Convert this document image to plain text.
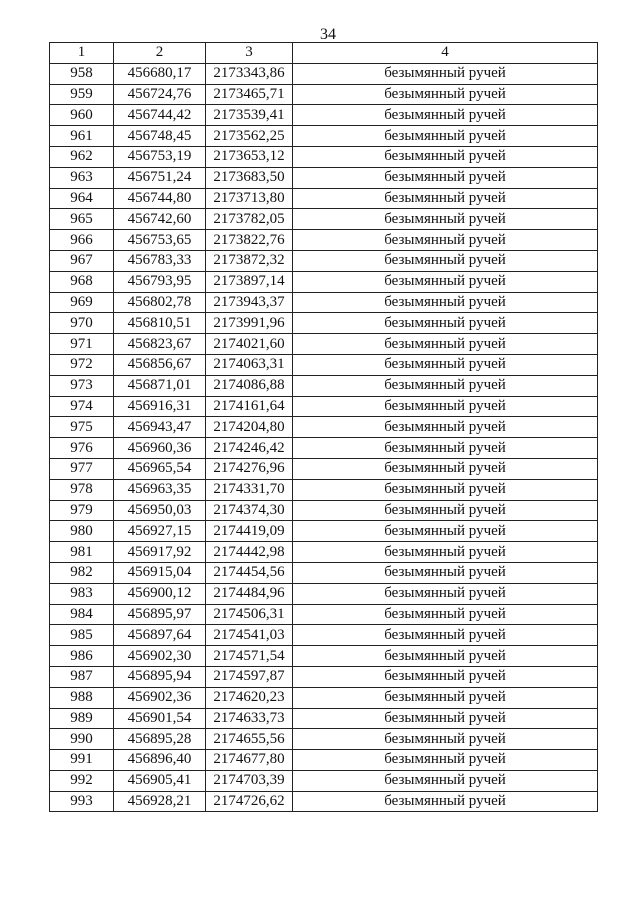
34
1	2	3	4
958	456680,17	2173343,86	безымянный ручей
959	456724,76	2173465,71	безымянный ручей
960	456744,42	2173539,41	безымянный ручей
961	456748,45	2173562,25	безымянный ручей
962	456753,19	2173653,12	безымянный ручей
963	456751,24	2173683,50	безымянный ручей
964	456744,80	2173713,80	безымянный ручей
965	456742,60	2173782,05	безымянный ручей
966	456753,65	2173822,76	безымянный ручей
967	456783,33	2173872,32	безымянный ручей
968	456793,95	2173897,14	безымянный ручей
969	456802,78	2173943,37	безымянный ручей
970	456810,51	2173991,96	безымянный ручей
971	456823,67	2174021,60	безымянный ручей
972	456856,67	2174063,31	безымянный ручей
973	456871,01	2174086,88	безымянный ручей
974	456916,31	2174161,64	безымянный ручей
975	456943,47	2174204,80	безымянный ручей
976	456960,36	2174246,42	безымянный ручей
977	456965,54	2174276,96	безымянный ручей
978	456963,35	2174331,70	безымянный ручей
979	456950,03	2174374,30	безымянный ручей
980	456927,15	2174419,09	безымянный ручей
981	456917,92	2174442,98	безымянный ручей
982	456915,04	2174454,56	безымянный ручей
983	456900,12	2174484,96	безымянный ручей
984	456895,97	2174506,31	безымянный ручей
985	456897,64	2174541,03	безымянный ручей
986	456902,30	2174571,54	безымянный ручей
987	456895,94	2174597,87	безымянный ручей
988	456902,36	2174620,23	безымянный ручей
989	456901,54	2174633,73	безымянный ручей
990	456895,28	2174655,56	безымянный ручей
991	456896,40	2174677,80	безымянный ручей
992	456905,41	2174703,39	безымянный ручей
993	456928,21	2174726,62	безымянный ручей
